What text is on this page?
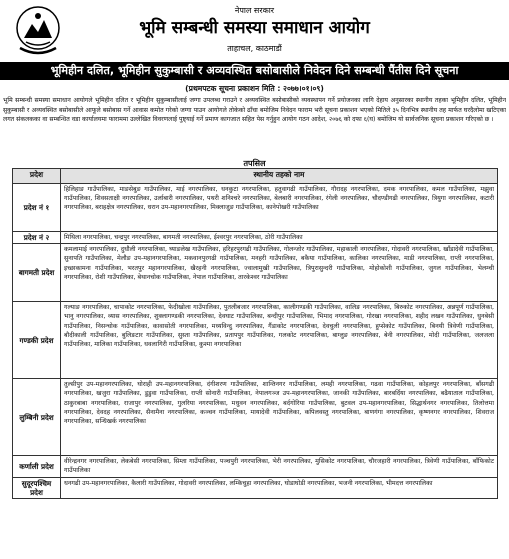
नेपाल सरकार
भूमि सम्बन्धी समस्या समाधान आयोग
ताहाचल, काठमाडौं
भूमिहीन दलित, भूमिहीन सुकुम्बासी र अव्यवस्थित बसोबासीले निवेदन दिने सम्बन्धी पैंतीस दिने सूचना
(प्रथमपटक सूचना प्रकाशन मिति : २०७७।०१।०९)
भूमि सम्बन्धी समस्या समाधान आयोगले भूमिहीन दलित र भूमिहीन सुकुम्बासीलाई जग्गा उपलब्ध गराउने र अव्यवस्थित बसोबासीको व्यवस्थापन गर्ने प्रयोजनका लागि देहाय अनुसारका स्थानीय तहका भूमिहीन दलित, भूमिहीन सुकुम्बासी र अव्यवस्थित बसोबासीले आफूले बसोबास गर्ने आवास कमोत गरेको जग्गा पाउन आयोगले तोकेको ढाँचा बमोजिम निवेदन फाराम भरी सूचना प्रकाशन भएको मितिले ३५ दिनभित्र स्थानीय तह मार्फत घरदैलोमा खटिएका लगत संकलकका वा सम्बन्धित वडा कार्यालयमा फाराममा उल्लेखित विवरणलाई पुष्ट्याई गर्ने प्रमाण कागजात सहित पेस गर्नुहुन आयोग गठन आदेश, २०७६ को दफा ६(घ) बमोजिम यो सार्वजनिक सूचना प्रकाशन गरिएको छ ।
तपसिल
प्रदेश	स्थानीय तहको नाम
प्रदेश नं १	हिलिहाङ गाउँपालिका, माङसेबुङ गाउँपालिका, माई नगरपालिका, धनकुटा नगरपालिका, हतुवागढी गाउँपालिका, गौरादह नगरपालिका, दमक नगरपालिका, कमल गाउँपालिका, मझुवा गाउँपालिका, शिवसताक्षी नगरपालिका, उर्लाबारी नगरपालिका, पथरी शनिश्चरे नगरपालिका, बेलबारी नगरपालिका, रंगेली नगरपालिका, चौदण्डीगढी नगरपालिका, त्रियुगा नगरपालिका, कटारी नगरपालिका, बराहक्षेत्र नगरपालिका, धरान उप-महानगरपालिका, मिक्लाजुङ गाउँपालिका, कानेपोखरी गाउँपालिका
प्रदेश नं २	मिथिला नगरपालिका, चन्द्रपुर नगरपालिका, बागमती नगरपालिका, ईश्वरपुर नगरपालिका, ठोरी गाउँपालिका
बागमती प्रदेश	कमलामाई नगरपालिका, दुधौली नगरपालिका, घ्याङलेख गाउँपालिका, हरिहरपुरगढी गाउँपालिका, गोलन्जोर गाउँपालिका, महाकाली नगरपालिका, गोदावरी नगरपालिका, खाँडादेवी गाउँपालिका, सुनापति गाउँपालिका, मेलौङ उप-महानगरपालिका, मकवानपुरगढी गाउँपालिका, मनहरी गाउँपालिका, बकैया गाउँपालिका, कालिका नगरपालिका, माडी नगरपालिका, राप्ती नगरपालिका, इच्छाकामना गाउँपालिका, भरतपुर महानगरपालिका, खैरहनी नगरपालिका, ज्वालामुखी गाउँपालिका, त्रिपुरासुन्दरी गाउँपालिका, मोहोकोशी गाउँपालिका, जुगल गाउँपालिका, भेलम्ची नगरपालिका, रोशी गाउँपालिका, बेथानचोक गाउँपालिका, नेपाल गाउँपालिका, तारकेश्वर गाउँपालिका
गण्डकी प्रदेश	गल्याङ नगरपालिका, चापाकोट नगरपालिका, फेदीखोला गाउँपालिका, पुतलीबजार नगरपालिका, कालीगण्डकी गाउँपालिका, वालिङ नगरपालिका, बिरुकोट नगरपालिका, अन्नपूर्ण गाउँपालिका, भानु नगरपालिका, व्यास नगरपालिका, शुक्लागण्डकी नगरपालिका, देवघाट गाउँपालिका, बन्दीपुर गाउँपालिका, भिमाद नगरपालिका, गोरखा नगरपालिका, शहीद लखन गाउँपालिका, धुनबेसी गाउँपालिका, निसन्चोक गाउँपालिका, कावासोती नगरपालिका, मध्यविन्दु नगरपालिका, गैंडाकोट नगरपालिका, देवचुली नगरपालिका, हुप्सेकोट गाउँपालिका, बिनयी त्रिवेणी गाउँपालिका, बौदीकाली गाउँपालिका, बुलिङटार गाउँपालिका, सुस्ता गाउँपालिका, प्रतापपुर गाउँपालिका, गलकोट नगरपालिका, बाग्लुङ नगरपालिका, बेनी नगरपालिका, मोदी गाउँपालिका, जलजला गाउँपालिका, मालिका गाउँपालिका, धवलागिरी गाउँपालिका, कुश्मा नगरपालिका
लुम्बिनी प्रदेश	तुल्सीपुर उप-महानगरपालिका, घोराही उप-महानगरपालिका, दंगीशरण गाउँपालिका, शान्तिनगर गाउँपालिका, लमही नगरपालिका, गढवा गाउँपालिका, कोहलपुर नगरपालिका, बाँसगढी नगरपालिका, खजुरा गाउँपालिका, डुडुवा गाउँपालिका, राप्ती सोनारी गाउँपालिका, नेपालगञ्ज उप-महानगरपालिका, जानकी गाउँपालिका, बारबर्दिया नगरपालिका, बढैयाताल गाउँपालिका, ठाकुरबाबा नगरपालिका, राजापुर नगरपालिका, गुलरिया नगरपालिका, मधुवन नगरपालिका, बर्दगोरिया गाउँपालिका, बुटवल उप-महानगरपालिका, सिद्धार्थनगर नगरपालिका, तिलोत्तमा नगरपालिका, देवदह नगरपालिका, सैनामैना नगरपालिका, कञ्चन गाउँपालिका, मायादेवी गाउँपालिका, कपिलवस्तु नगरपालिका, बाणगंगा नगरपालिका, कृष्णनगर नगरपालिका, शिवराज नगरपालिका, सन्धिखर्क नगरपालिका
कर्णाली प्रदेश	वीरेन्द्रनगर नगरपालिका, लेकबेसी नगरपालिका, सिम्ता गाउँपालिका, पञ्चपुरी नगरपालिका, भेरी नगरपालिका, मुसिकोट नगरपालिका, चौरजहारी नगरपालिका, त्रिवेणी गाउँपालिका, बाँफिकोट गाउँपालिका
सुदूरपश्चिम प्रदेश	धनगढी उप-महानगरपालिका, कैलारी गाउँपालिका, गोदावरी नगरपालिका, लम्किचुहा नगरपालिका, घोडाघोडी नगरपालिका, भजनी नगरपालिका, भीमदत्त नगरपालिका
